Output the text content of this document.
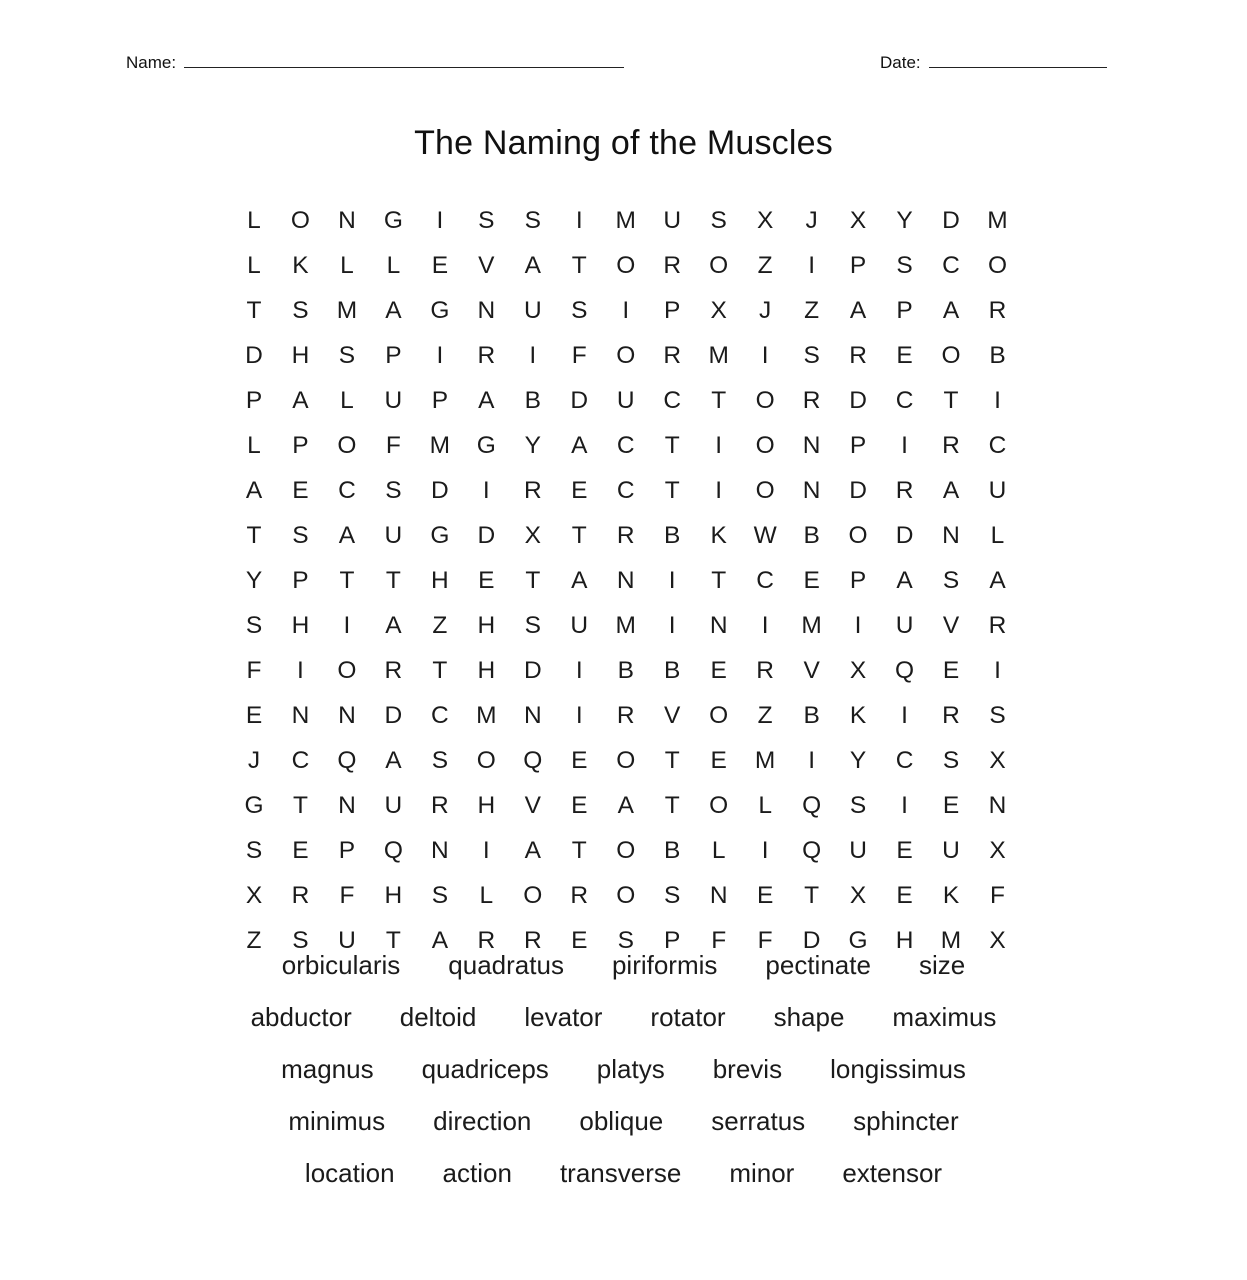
Name:	Date:
The Naming of the Muscles
L	O	N	G	I	S	S	I	M	U	S	X	J	X	Y	D	M
L	K	L	L	E	V	A	T	O	R	O	Z	I	P	S	C	O
T	S	M	A	G	N	U	S	I	P	X	J	Z	A	P	A	R
D	H	S	P	I	R	I	F	O	R	M	I	S	R	E	O	B
P	A	L	U	P	A	B	D	U	C	T	O	R	D	C	T	I
L	P	O	F	M	G	Y	A	C	T	I	O	N	P	I	R	C
A	E	C	S	D	I	R	E	C	T	I	O	N	D	R	A	U
T	S	A	U	G	D	X	T	R	B	K	W	B	O	D	N	L
Y	P	T	T	H	E	T	A	N	I	T	C	E	P	A	S	A
S	H	I	A	Z	H	S	U	M	I	N	I	M	I	U	V	R
F	I	O	R	T	H	D	I	B	B	E	R	V	X	Q	E	I
E	N	N	D	C	M	N	I	R	V	O	Z	B	K	I	R	S
J	C	Q	A	S	O	Q	E	O	T	E	M	I	Y	C	S	X
G	T	N	U	R	H	V	E	A	T	O	L	Q	S	I	E	N
S	E	P	Q	N	I	A	T	O	B	L	I	Q	U	E	U	X
X	R	F	H	S	L	O	R	O	S	N	E	T	X	E	K	F
Z	S	U	T	A	R	R	E	S	P	F	F	D	G	H	M	X
orbicularis	quadratus	piriformis	pectinate	size
abductor	deltoid	levator	rotator	shape	maximus
magnus	quadriceps	platys	brevis	longissimus
minimus	direction	oblique	serratus	sphincter
location	action	transverse	minor	extensor
